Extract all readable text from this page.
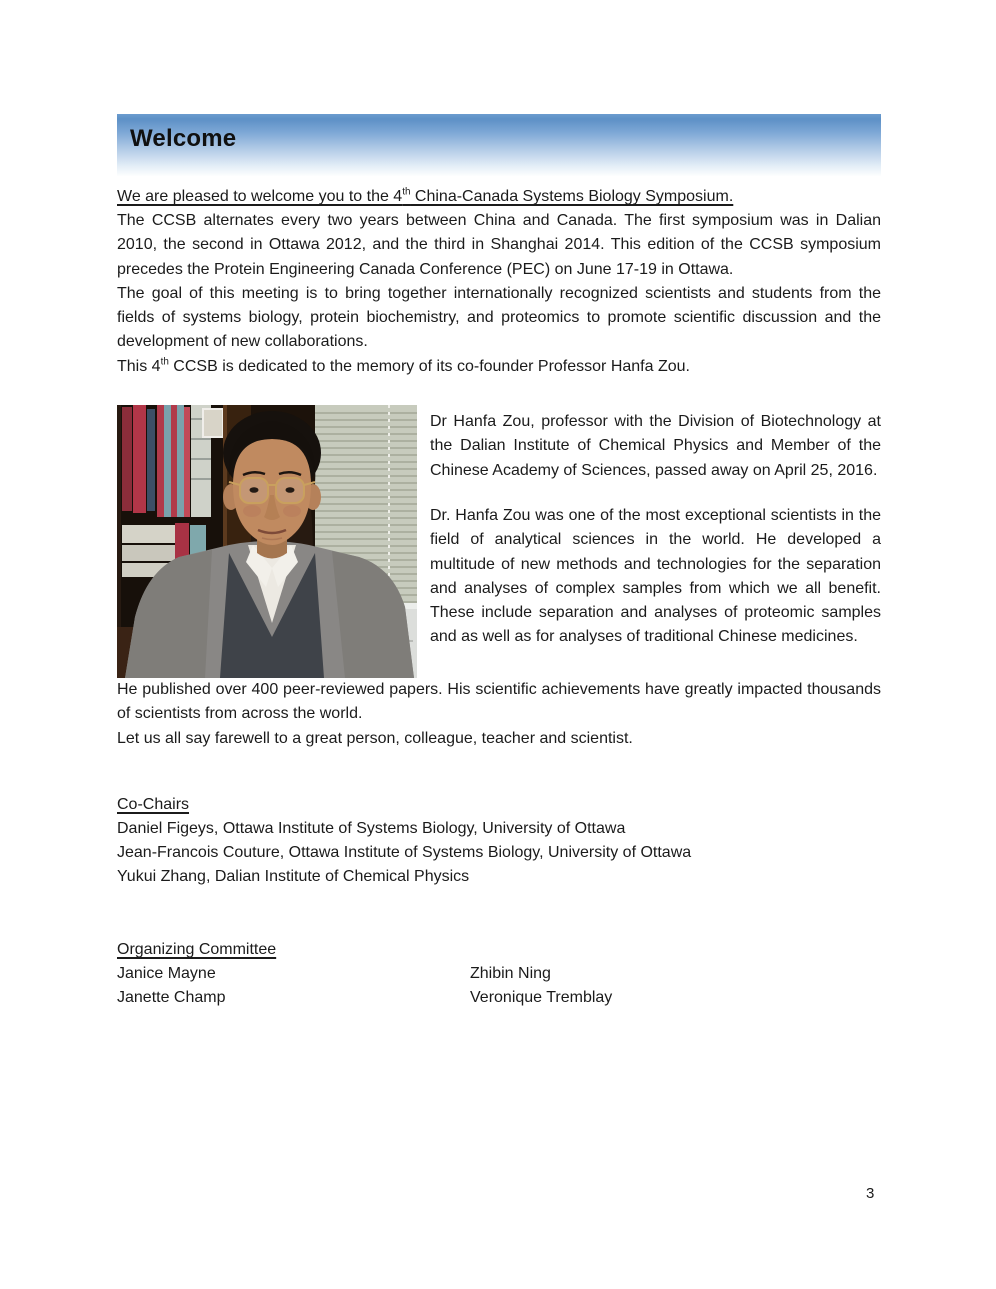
Welcome
We are pleased to welcome you to the 4th China-Canada Systems Biology Symposium.

The CCSB alternates every two years between China and Canada. The first symposium was in Dalian 2010, the second in Ottawa 2012, and the third in Shanghai 2014. This edition of the CCSB symposium precedes the Protein Engineering Canada Conference (PEC) on June 17-19 in Ottawa.

The goal of this meeting is to bring together internationally recognized scientists and students from the fields of systems biology, protein biochemistry, and proteomics to promote scientific discussion and the development of new collaborations.

This 4th CCSB is dedicated to the memory of its co-founder Professor Hanfa Zou.

Dr Hanfa Zou, professor with the Division of Biotechnology at the Dalian Institute of Chemical Physics and Member of the Chinese Academy of Sciences, passed away on April 25, 2016.

Dr. Hanfa Zou was one of the most exceptional scientists in the field of analytical sciences in the world. He developed a multitude of new methods and technologies for the separation and analyses of complex samples from which we all benefit. These include separation and analyses of proteomic samples and as well as for analyses of traditional Chinese medicines.

He published over 400 peer-reviewed papers. His scientific achievements have greatly impacted thousands of scientists from across the world.

Let us all say farewell to a great person, colleague, teacher and scientist.

Co-Chairs
Daniel Figeys, Ottawa Institute of Systems Biology, University of Ottawa
Jean-Francois Couture, Ottawa Institute of Systems Biology, University of Ottawa
Yukui Zhang, Dalian Institute of Chemical Physics
Organizing Committee
Janice Mayne	Zhibin Ning
Janette Champ	Veronique Tremblay
3
